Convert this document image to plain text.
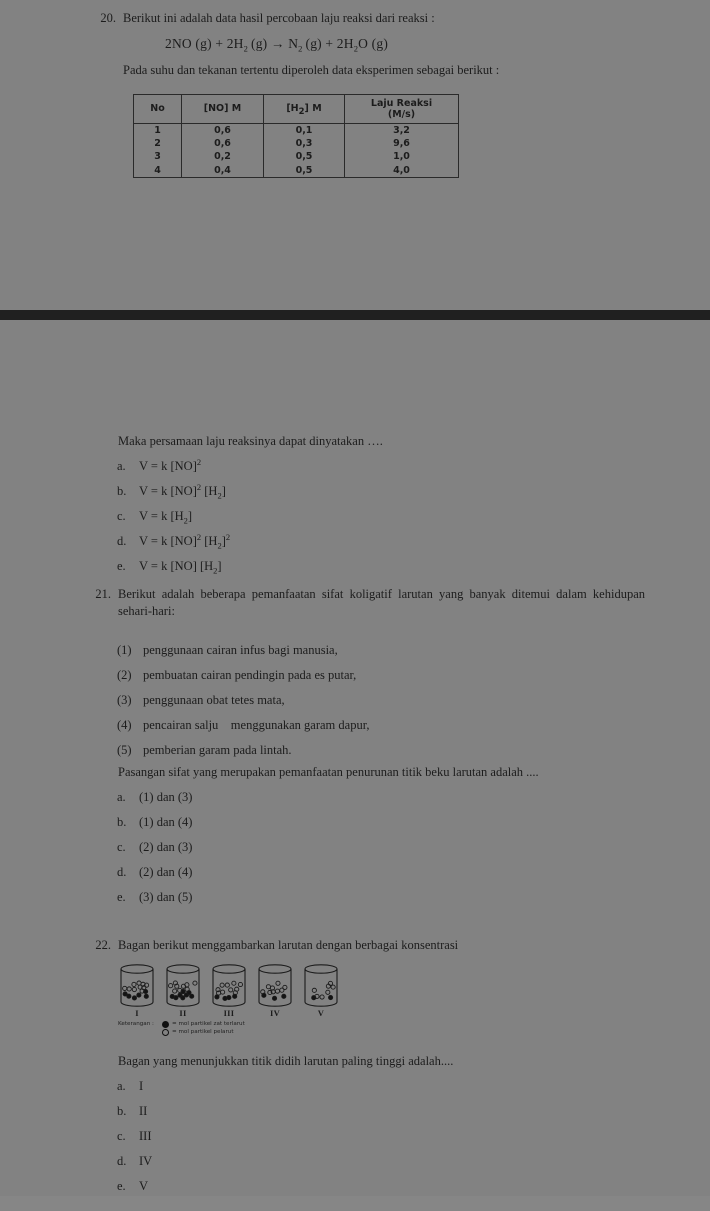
20. Berikut ini adalah data hasil percobaan laju reaksi dari reaksi :
2NO $(g) + 2H_2$ $(g) \to N_2$ $(g) + 2H_2O$ (g)
Pada suhu dan tekanan tertentu diperoleh data eksperimen sebagai berikut :
No	[NO] M	$[H_2]$ M	Laju Reaksi
(M/s)
1	0,6	0,1	3,2
2	0,6	0,3	9,6
3	0,2	0,5	1,0
4	0,4	0,5	4,0
Maka persamaan laju reaksinya dapat dinyatakan ….
a.	V = k [NO]$^2$
b.	V = k [NO]$^2$ $[H_2]$
c.	V = k $[H_2]$
d.	V = k [NO]$^2$ $[H_2]^2$
e.	V = k [NO] $[H_2]$
21. Berikut adalah beberapa pemanfaatan sifat koligatif larutan yang banyak ditemui dalam kehidupan sehari-hari:
(1) penggunaan cairan infus bagi manusia,
(2) pembuatan cairan pendingin pada es putar,
(3) penggunaan obat tetes mata,
(4) pencairan salju    menggunakan garam dapur,
(5) pemberian garam pada lintah.
Pasangan sifat yang merupakan pemanfaatan penurunan titik beku larutan adalah ....
a.	(1) dan (3)
b.	(1) dan (4)
c.	(2) dan (3)
d.	(2) dan (4)
e.	(3) dan (5)
22. Bagan berikut menggambarkan larutan dengan berbagai konsentrasi
I	II	III	IV	V
Keterangan :	= mol partikel zat terlarut
= mol partikel pelarut
Bagan yang menunjukkan titik didih larutan paling tinggi adalah....
a.	I
b.	II
c.	III
d.	IV
e.	V
